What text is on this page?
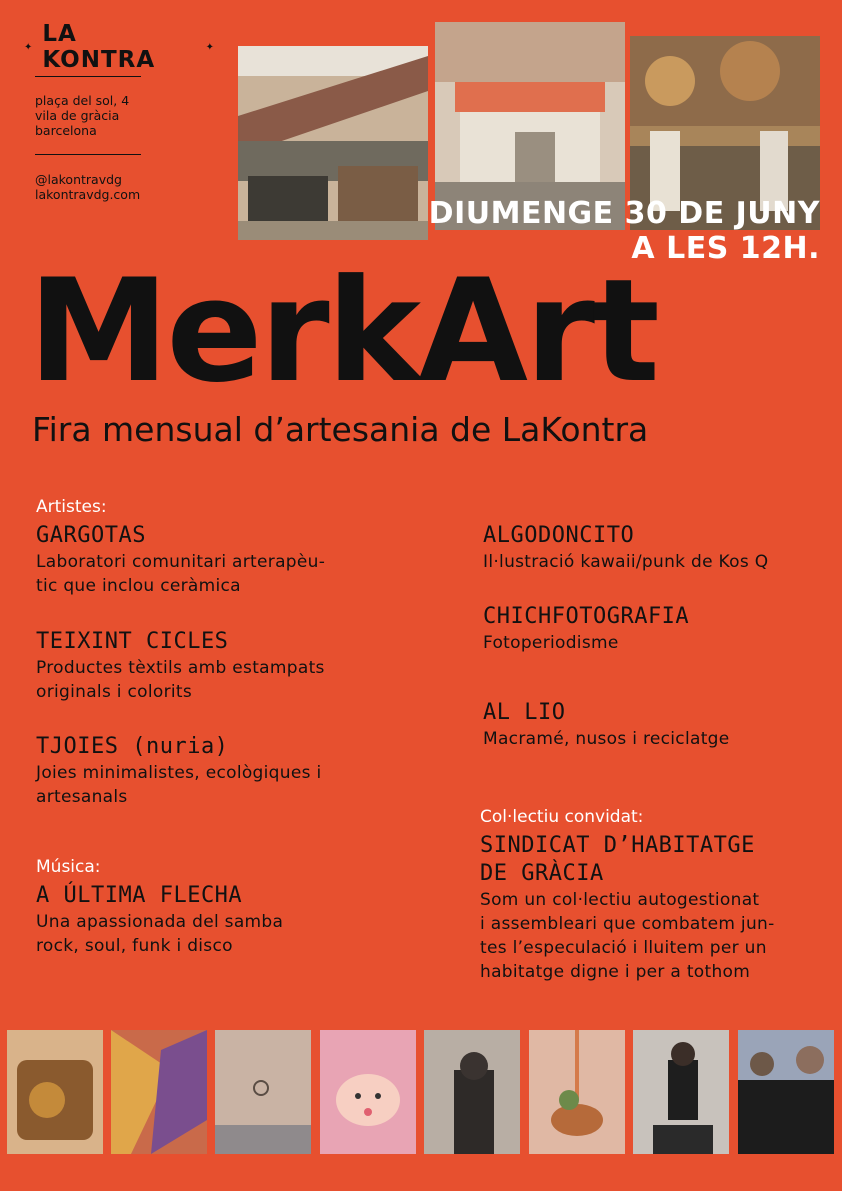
✦ LA KONTRA	✦
plaça del sol, 4
vila de gràcia
barcelona
@lakontravdg
lakontravdg.com
DIUMENGE 30 DE JUNY
A LES 12H.
MerkArt
Fira mensual d’artesania de LaKontra
Artistes:
GARGOTAS
Laboratori comunitari arterapèu-
tic que inclou ceràmica
TEIXINT CICLES
Productes tèxtils amb estampats
originals i colorits
TJOIES (nuria)
Joies minimalistes, ecològiques i
artesanals
Música:
A ÚLTIMA FLECHA
Una apassionada del samba
rock, soul, funk i disco
ALGODONCITO
Il·lustració kawaii/punk de Kos Q
CHICHFOTOGRAFIA
Fotoperiodisme
AL LIO
Macramé, nusos i reciclatge
Col·lectiu convidat:
SINDICAT D’HABITATGE
DE GRÀCIA
Som un col·lectiu autogestionat
i assembleari que combatem jun-
tes l’especulació i lluitem per un
habitatge digne i per a tothom
